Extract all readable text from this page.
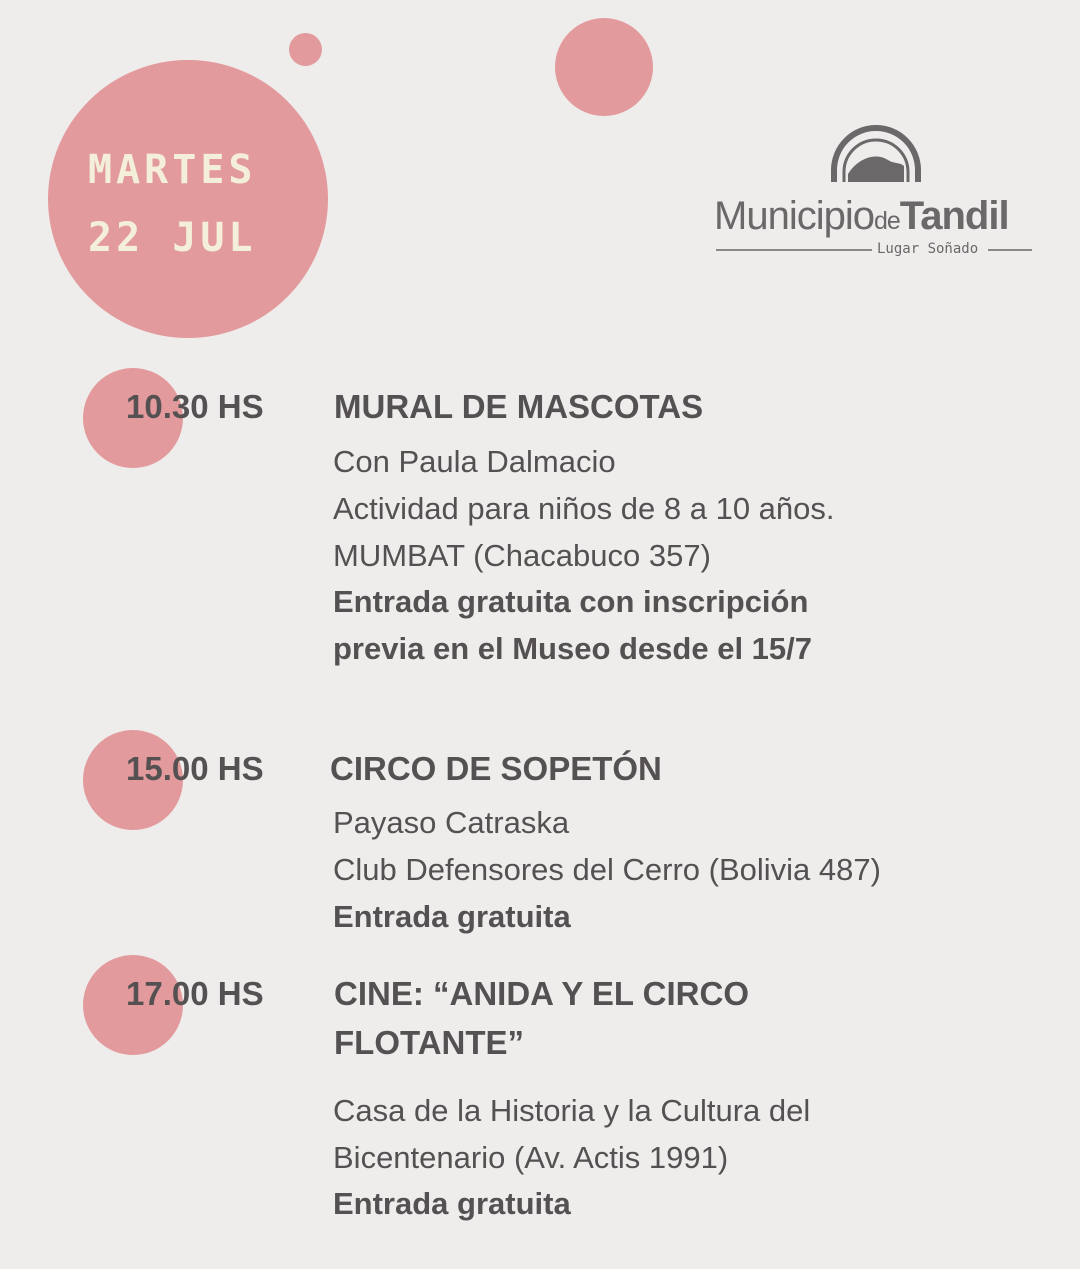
MARTES
22 JUL	MunicipiodeTandil
Lugar Soñado
10.30 HS MURAL DE MASCOTAS
Con Paula Dalmacio
Actividad para niños de 8 a 10 años.
MUMBAT (Chacabuco 357)
Entrada gratuita con inscripción
previa en el Museo desde el 15/7
15.00 HS CIRCO DE SOPETÓN
Payaso Catraska
Club Defensores del Cerro (Bolivia 487)
Entrada gratuita
17.00 HS CINE: “ANIDA Y EL CIRCO
FLOTANTE”
Casa de la Historia y la Cultura del
Bicentenario (Av. Actis 1991)
Entrada gratuita
